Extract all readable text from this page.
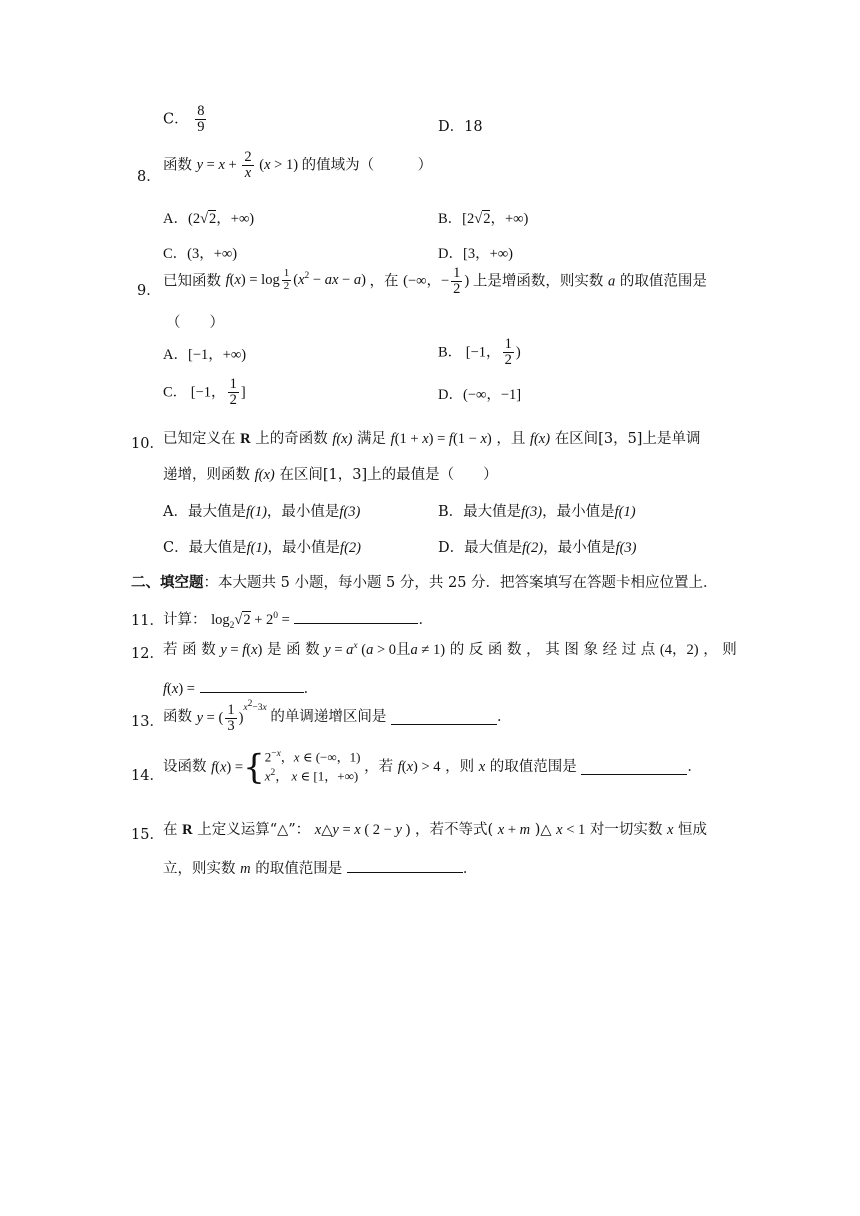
C． $\frac{8}{9}$	D．18
8．
函数 $y = x + \frac{2}{x} (x > 1)$ 的值域为（　　　）
A．(2√2，+∞)	B．[2√2，+∞)
C．(3，+∞)	D．[3，+∞)
9．
已知函数 f(x) = log $_{\frac{1}{2}}$ ($x^2$ − ax − a) ，在 (−∞，− $\frac{1}{2}$ ) 上是增函数，则实数 a 的取值范围是
（　　）
A．[−1，+∞)	B． [−1， $\frac{1}{2}$ )
C． [−1， $\frac{1}{2}$ ]	D．(−∞，−1]
10． 已知定义在 R 上的奇函数 f(x) 满足 f(1 + x) = f(1 − x) ，且 f(x) 在区间[3，5]上是单调
递增，则函数 f(x) 在区间[1，3]上的最值是（　　）
A．最大值是f(1)，最小值是f(3)	B．最大值是f(3)，最小值是f(1)
C．最大值是f(1)，最小值是f(2)	D．最大值是f(2)，最小值是f(3)
二、填空题：本大题共 5 小题，每小题 5 分，共 25 分．把答案填写在答题卡相应位置上．
11． 计算： $\log_2√2 + 2^0$ =	．
12． 若 函 数 y = f(x) 是 函 数 $y = a^x$ (a > 0且a ≠ 1) 的 反 函 数 ， 其 图 象 经 过 点 (4，2) ， 则
f(x) =	．
13． 函数 y = ( $\frac{1}{3} )^{x^2-3x}$ 的单调递增区间是	．
14．
设函数 f(x) ={ $2^{-x}$，x ∈ (−∞，1)
$x^2$， x ∈ [1，+∞)
，若 f(x) > 4 ，则 x 的取值范围是	．
15． 在 R 上定义运算“△”： x△y = x ( 2 − y ) ，若不等式( x + m )△ x < 1 对一切实数 x 恒成
立，则实数 m 的取值范围是	．
